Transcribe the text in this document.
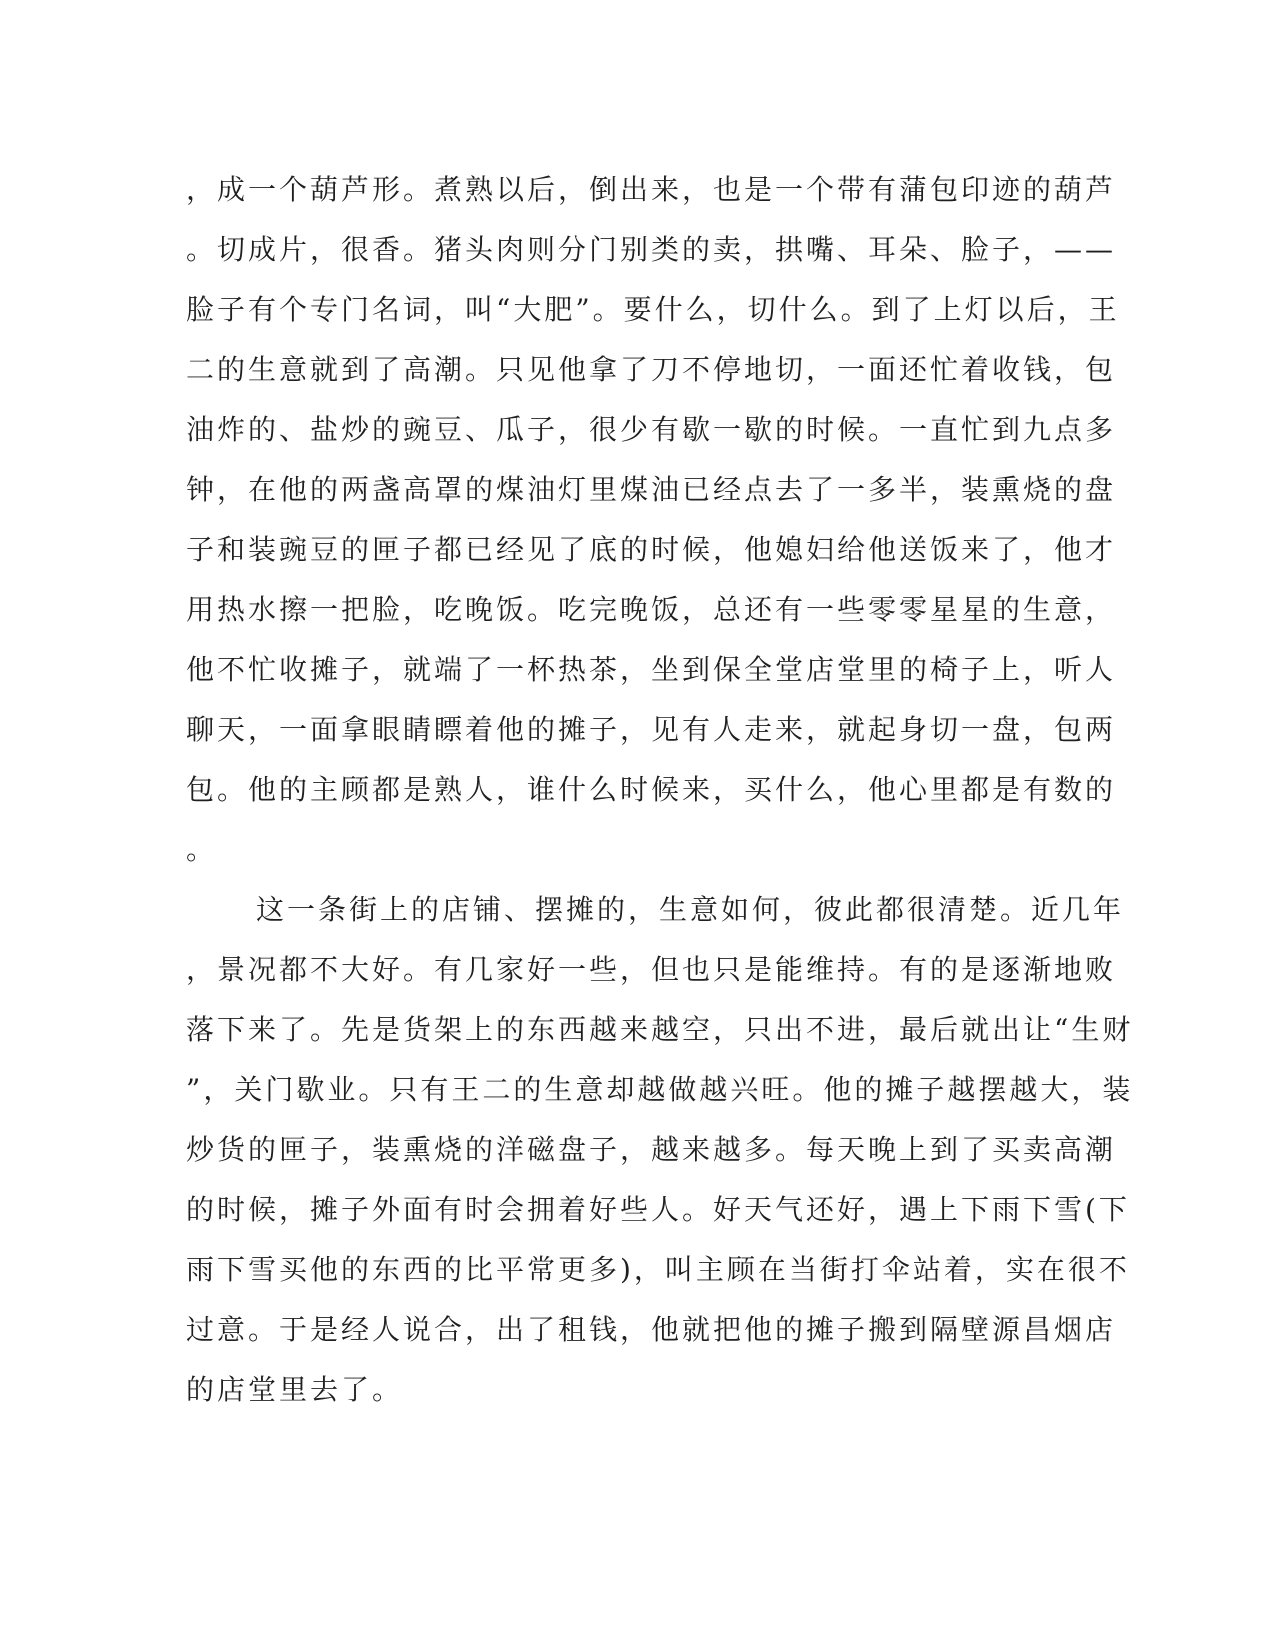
，成一个葫芦形。煮熟以后，倒出来，也是一个带有蒲包印迹的葫芦
。切成片，很香。猪头肉则分门别类的卖，拱嘴、耳朵、脸子，——
脸子有个专门名词，叫“大肥”。要什么，切什么。到了上灯以后，王
二的生意就到了高潮。只见他拿了刀不停地切，一面还忙着收钱，包
油炸的、盐炒的豌豆、瓜子，很少有歇一歇的时候。一直忙到九点多
钟，在他的两盏高罩的煤油灯里煤油已经点去了一多半，装熏烧的盘
子和装豌豆的匣子都已经见了底的时候，他媳妇给他送饭来了，他才
用热水擦一把脸，吃晚饭。吃完晚饭，总还有一些零零星星的生意，
他不忙收摊子，就端了一杯热茶，坐到保全堂店堂里的椅子上，听人
聊天，一面拿眼睛瞟着他的摊子，见有人走来，就起身切一盘，包两
包。他的主顾都是熟人，谁什么时候来，买什么，他心里都是有数的
。
这一条街上的店铺、摆摊的，生意如何，彼此都很清楚。近几年
，景况都不大好。有几家好一些，但也只是能维持。有的是逐渐地败
落下来了。先是货架上的东西越来越空，只出不进，最后就出让“生财
”，关门歇业。只有王二的生意却越做越兴旺。他的摊子越摆越大，装
炒货的匣子，装熏烧的洋磁盘子，越来越多。每天晚上到了买卖高潮
的时候，摊子外面有时会拥着好些人。好天气还好，遇上下雨下雪(下
雨下雪买他的东西的比平常更多)，叫主顾在当街打伞站着，实在很不
过意。于是经人说合，出了租钱，他就把他的摊子搬到隔壁源昌烟店
的店堂里去了。
